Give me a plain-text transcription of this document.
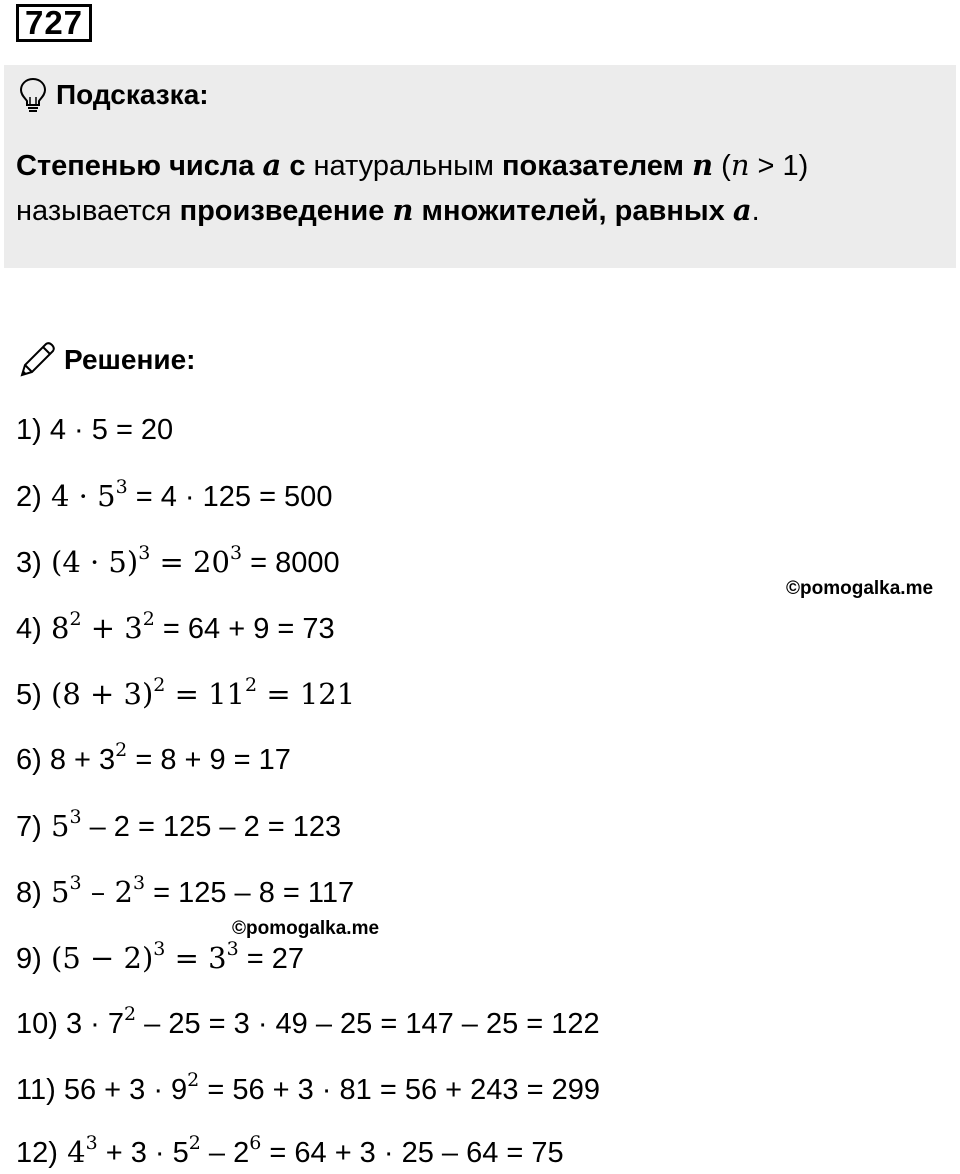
727
Подсказка:
Степенью числа a с натуральным показателем n (n > 1)
называется произведение n множителей, равных a.
Решение:
1) 4 · 5 = 20
2) $4 \cdot 5^3 = 4 \cdot 125 = 500$
3) $(4 \cdot 5)^3 = 20^3 = 8000$
4) $8^2 + 3^2 = 64 + 9 = 73$
5) $(8 + 3)^2 = 11^2 = 121$
6) $8 + 3^2 = 8 + 9 = 17$
7) $5^3 - 2 = 125 - 2 = 123$
8) $5^3 - 2^3 = 125 - 8 = 117$
9) $(5 - 2)^3 = 3^3 = 27$
10) $3 \cdot 7^2 - 25 = 3 \cdot 49 - 25 = 147 - 25 = 122$
11) $56 + 3 \cdot 9^2 = 56 + 3 \cdot 81 = 56 + 243 = 299$
12) $4^3 + 3 \cdot 5^2 - 2^6 = 64 + 3 \cdot 25 - 64 = 75$
©pomogalka.me
©pomogalka.me
